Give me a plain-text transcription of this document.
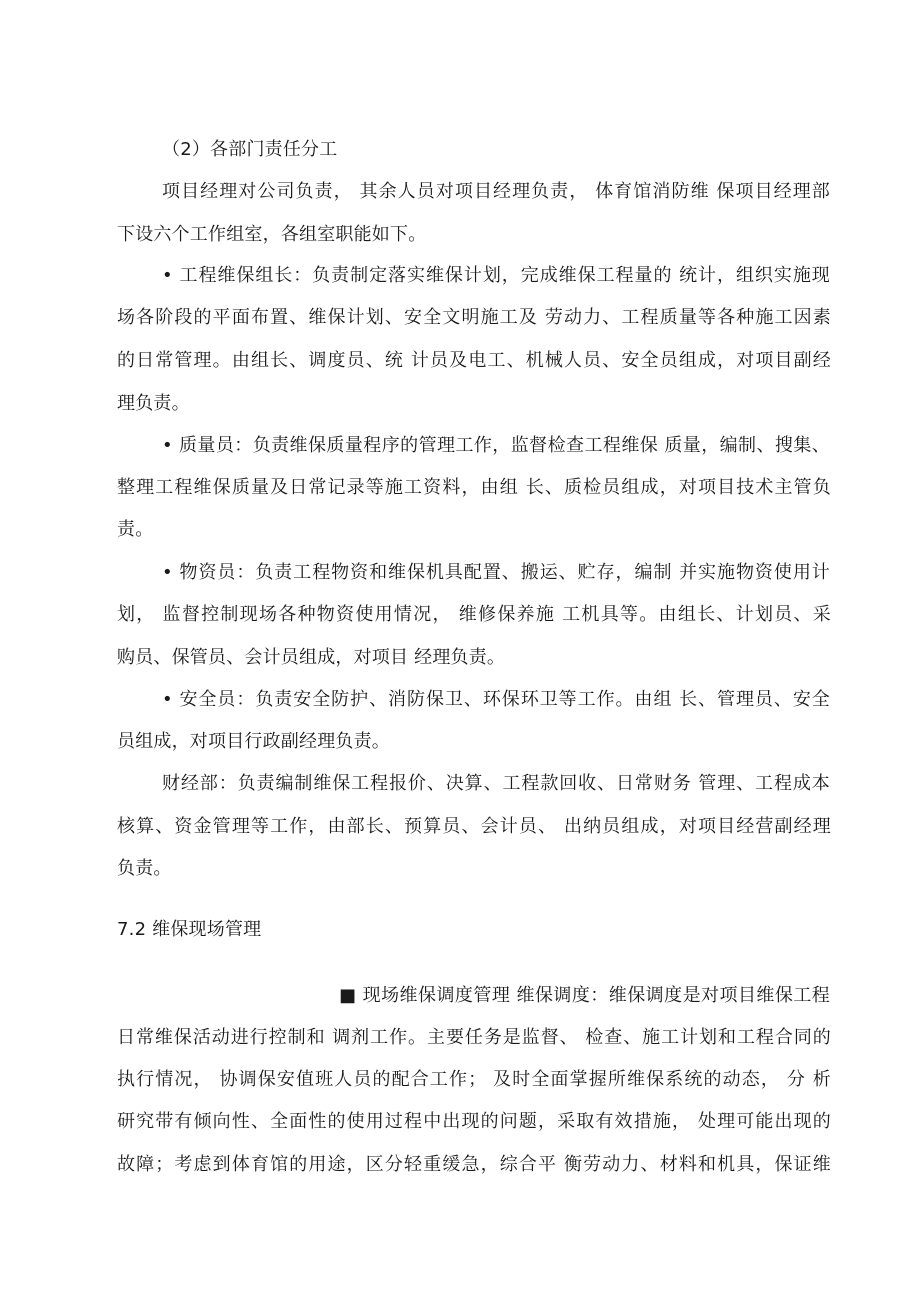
（2）各部门责任分工
项目经理对公司负责， 其余人员对项目经理负责， 体育馆消防维 保项目经理部
下设六个工作组室，各组室职能如下。
• 工程维保组长：负责制定落实维保计划，完成维保工程量的 统计，组织实施现
场各阶段的平面布置、维保计划、安全文明施工及 劳动力、工程质量等各种施工因素
的日常管理。由组长、调度员、统 计员及电工、机械人员、安全员组成，对项目副经
理负责。
• 质量员：负责维保质量程序的管理工作，监督检查工程维保 质量，编制、搜集、
整理工程维保质量及日常记录等施工资料，由组 长、质检员组成，对项目技术主管负
责。
• 物资员：负责工程物资和维保机具配置、搬运、贮存，编制 并实施物资使用计
划， 监督控制现场各种物资使用情况， 维修保养施 工机具等。由组长、计划员、采
购员、保管员、会计员组成，对项目 经理负责。
• 安全员：负责安全防护、消防保卫、环保环卫等工作。由组 长、管理员、安全
员组成，对项目行政副经理负责。
财经部：负责编制维保工程报价、决算、工程款回收、日常财务 管理、工程成本
核算、资金管理等工作，由部长、预算员、会计员、 出纳员组成，对项目经营副经理
负责。
7.2 维保现场管理
■ 现场维保调度管理 维保调度：维保调度是对项目维保工程
日常维保活动进行控制和 调剂工作。主要任务是监督、 检查、施工计划和工程合同的
执行情况， 协调保安值班人员的配合工作； 及时全面掌握所维保系统的动态， 分 析
研究带有倾向性、全面性的使用过程中出现的问题，采取有效措施， 处理可能出现的
故障；考虑到体育馆的用途，区分轻重缓急，综合平 衡劳动力、材料和机具，保证维
